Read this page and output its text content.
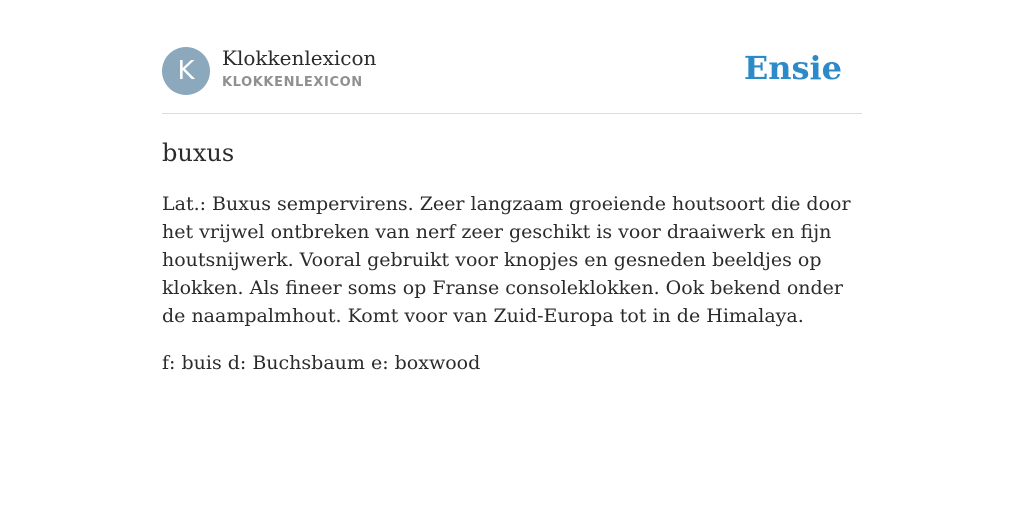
K	Klokkenlexicon
KLOKKENLEXICON	Ensie
buxus

Lat.: Buxus sempervirens. Zeer langzaam groeiende houtsoort die door het vrijwel ontbreken van nerf zeer geschikt is voor draaiwerk en fijn houtsnijwerk. Vooral gebruikt voor knopjes en gesneden beeldjes op klokken. Als fineer soms op Franse consoleklokken. Ook bekend onder de naampalmhout. Komt voor van Zuid-Europa tot in de Himalaya.

f: buis d: Buchsbaum e: boxwood
